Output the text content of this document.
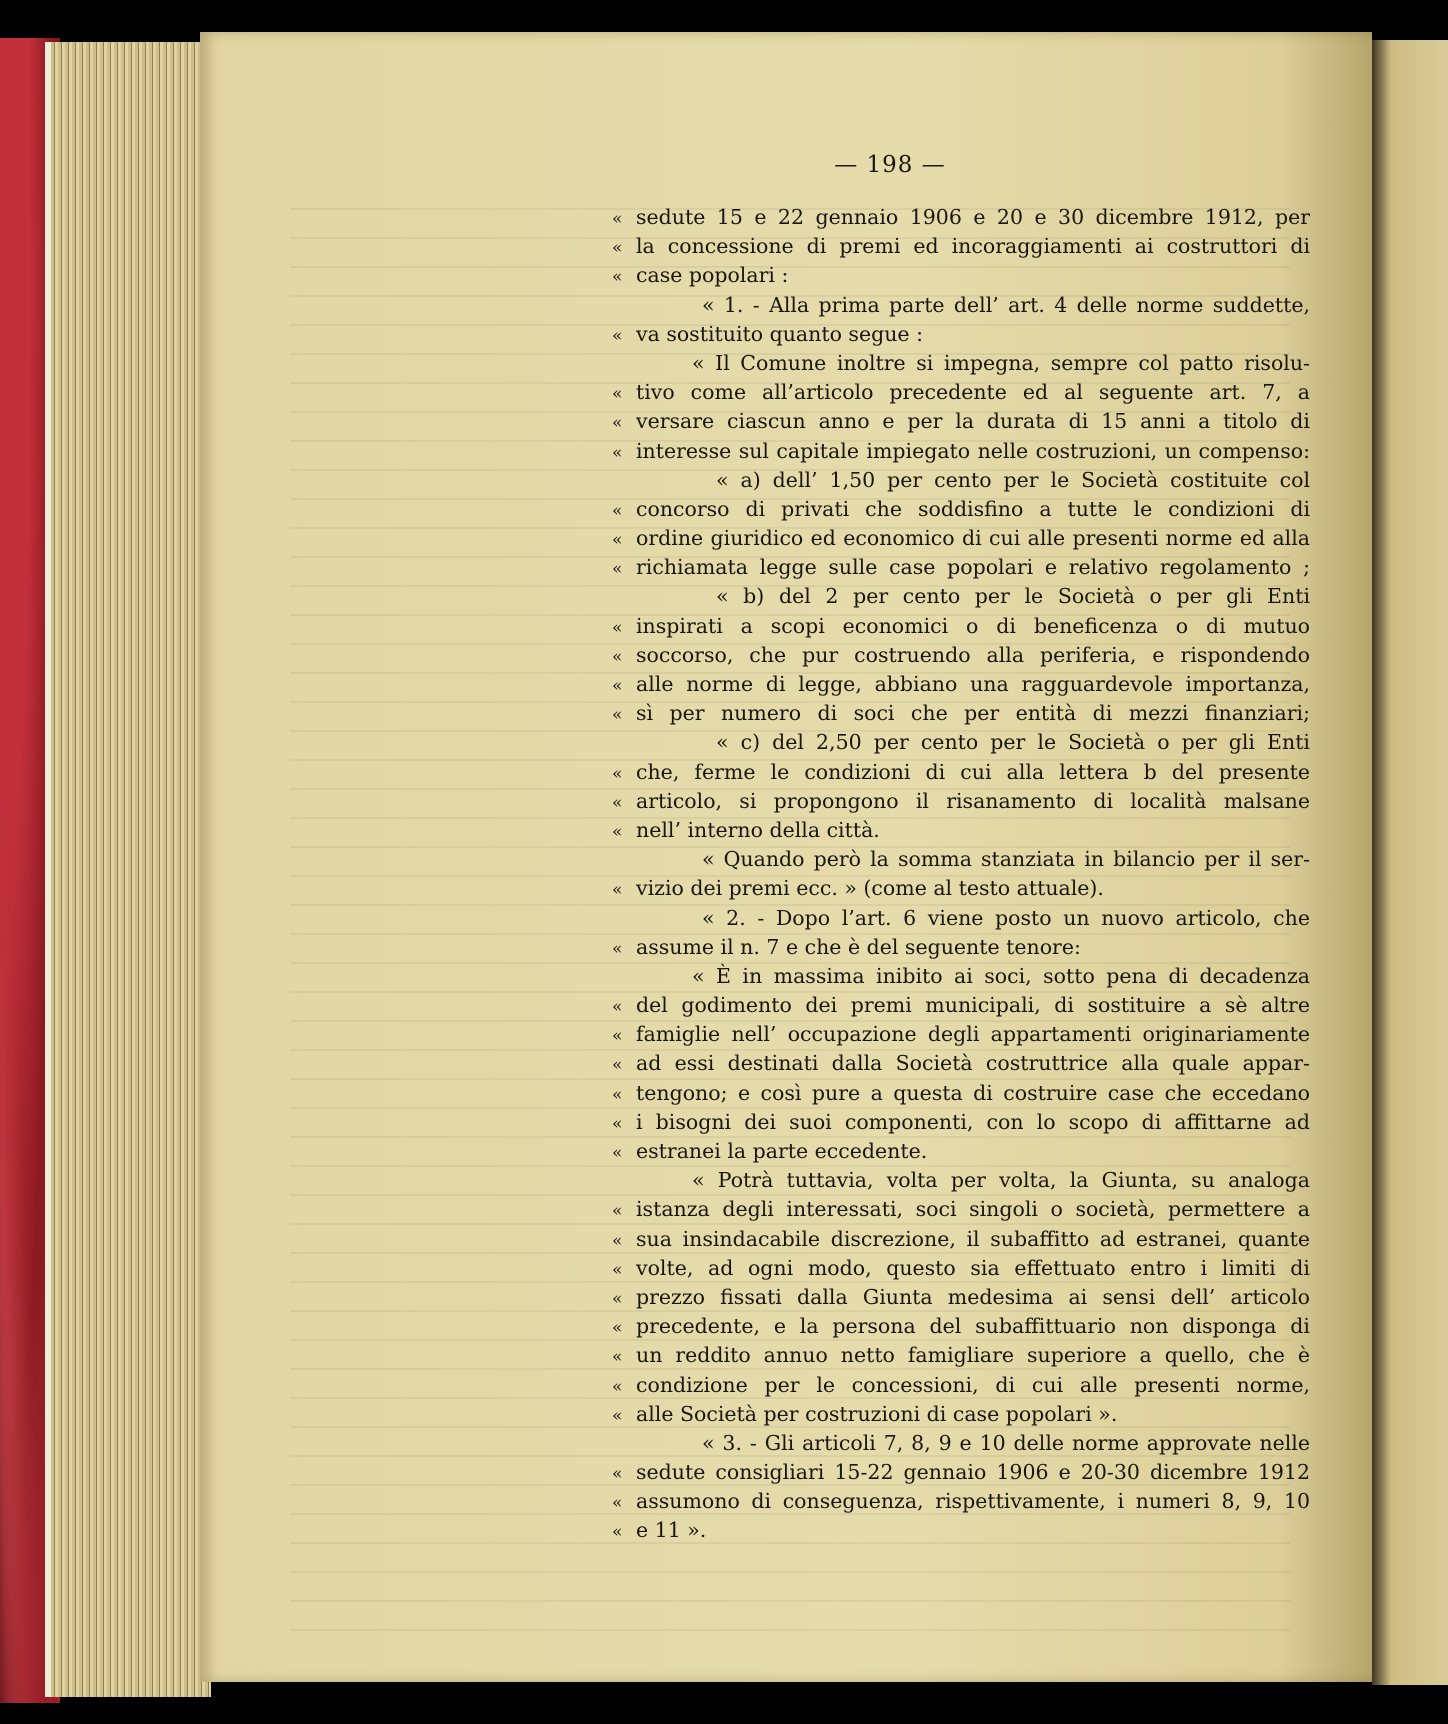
— 198 —
« sedute 15 e 22 gennaio 1906 e 20 e 30 dicembre 1912, per
« la concessione di premi ed incoraggiamenti ai costruttori di
« case popolari :
« 1. - Alla prima parte dell’ art. 4 delle norme suddette,
« va sostituito quanto segue :
« Il Comune inoltre si impegna, sempre col patto risolu-
« tivo come all’articolo precedente ed al seguente art. 7, a
« versare ciascun anno e per la durata di 15 anni a titolo di
« interesse sul capitale impiegato nelle costruzioni, un compenso:
« a) dell’ 1,50 per cento per le Società costituite col
« concorso di privati che soddisfino a tutte le condizioni di
« ordine giuridico ed economico di cui alle presenti norme ed alla
« richiamata legge sulle case popolari e relativo regolamento ;
« b) del 2 per cento per le Società o per gli Enti
« inspirati a scopi economici o di beneficenza o di mutuo
« soccorso, che pur costruendo alla periferia, e rispondendo
« alle norme di legge, abbiano una ragguardevole importanza,
« sì per numero di soci che per entità di mezzi finanziari;
« c) del 2,50 per cento per le Società o per gli Enti
« che, ferme le condizioni di cui alla lettera b del presente
« articolo, si propongono il risanamento di località malsane
« nell’ interno della città.
« Quando però la somma stanziata in bilancio per il ser-
« vizio dei premi ecc. » (come al testo attuale).
« 2. - Dopo l’art. 6 viene posto un nuovo articolo, che
« assume il n. 7 e che è del seguente tenore:
« È in massima inibito ai soci, sotto pena di decadenza
« del godimento dei premi municipali, di sostituire a sè altre
« famiglie nell’ occupazione degli appartamenti originariamente
« ad essi destinati dalla Società costruttrice alla quale appar-
« tengono; e così pure a questa di costruire case che eccedano
« i bisogni dei suoi componenti, con lo scopo di affittarne ad
« estranei la parte eccedente.
« Potrà tuttavia, volta per volta, la Giunta, su analoga
« istanza degli interessati, soci singoli o società, permettere a
« sua insindacabile discrezione, il subaffitto ad estranei, quante
« volte, ad ogni modo, questo sia effettuato entro i limiti di
« prezzo fissati dalla Giunta medesima ai sensi dell’ articolo
« precedente, e la persona del subaffittuario non disponga di
« un reddito annuo netto famigliare superiore a quello, che è
« condizione per le concessioni, di cui alle presenti norme,
« alle Società per costruzioni di case popolari ».
« 3. - Gli articoli 7, 8, 9 e 10 delle norme approvate nelle
« sedute consigliari 15-22 gennaio 1906 e 20-30 dicembre 1912
« assumono di conseguenza, rispettivamente, i numeri 8, 9, 10
« e 11 ».
